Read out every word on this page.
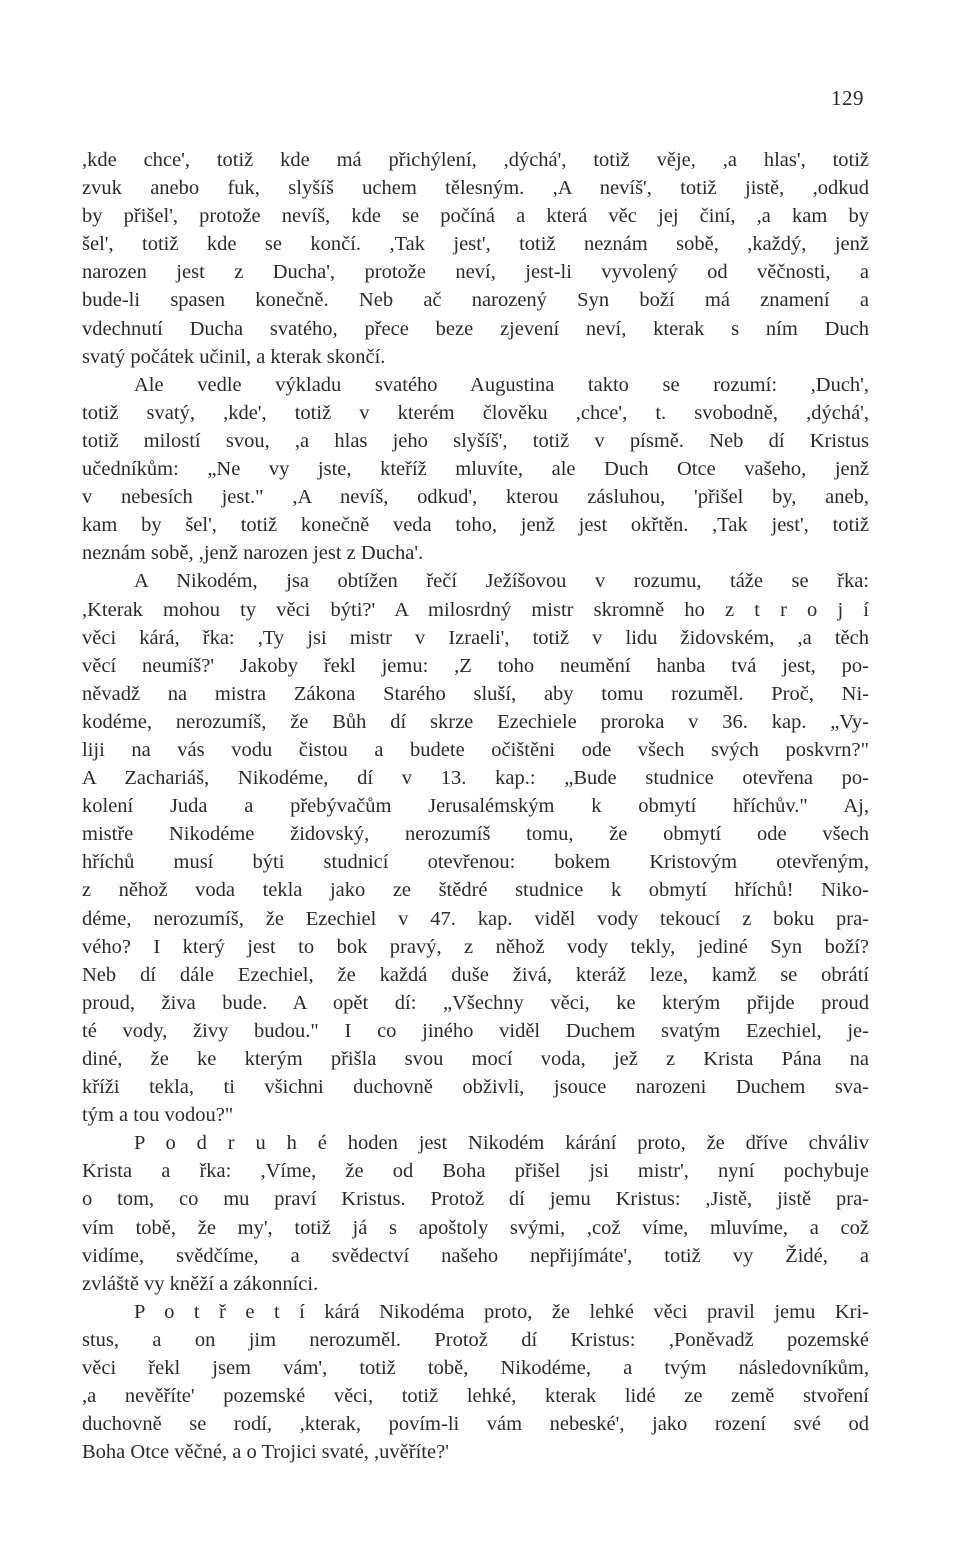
129
,kde chce', totiž kde má přichýlení, ,dýchá', totiž věje, ,a hlas', totiž
zvuk anebo fuk, slyšíš uchem tělesným. ,A nevíš', totiž jistě, ,odkud
by přišel', protože nevíš, kde se počíná a která věc jej činí, ,a kam by
šel', totiž kde se končí. ,Tak jest', totiž neznám sobě, ,každý, jenž
narozen jest z Ducha', protože neví, jest-li vyvolený od věčnosti, a
bude-li spasen konečně. Neb ač narozený Syn boží má znamení a
vdechnutí Ducha svatého, přece beze zjevení neví, kterak s ním Duch
svatý počátek učinil, a kterak skončí.
Ale vedle výkladu svatého Augustina takto se rozumí: ,Duch',
totiž svatý, ,kde', totiž v kterém člověku ,chce', t. svobodně, ,dýchá',
totiž milostí svou, ,a hlas jeho slyšíš', totiž v písmě. Neb dí Kristus
učedníkům: „Ne vy jste, kteříž mluvíte, ale Duch Otce vašeho, jenž
v nebesích jest." ,A nevíš, odkud', kterou zásluhou, 'přišel by, aneb,
kam by šel', totiž konečně veda toho, jenž jest okřtěn. ,Tak jest', totiž
neznám sobě, ,jenž narozen jest z Ducha'.
A Nikodém, jsa obtížen řečí Ježíšovou v rozumu, táže se řka:
,Kterak mohou ty věci býti?' A milosrdný mistr skromně ho z t r o j í
věci kárá, řka: ,Ty jsi mistr v Izraeli', totiž v lidu židovském, ,a těch
věcí neumíš?' Jakoby řekl jemu: ,Z toho neumění hanba tvá jest, po-
něvadž na mistra Zákona Starého sluší, aby tomu rozuměl. Proč, Ni-
kodéme, nerozumíš, že Bůh dí skrze Ezechiele proroka v 36. kap. „Vy-
liji na vás vodu čistou a budete očištěni ode všech svých poskvrn?"
A Zachariáš, Nikodéme, dí v 13. kap.: „Bude studnice otevřena po-
kolení Juda a přebývačům Jerusalémským k obmytí hříchův." Aj,
mistře Nikodéme židovský, nerozumíš tomu, že obmytí ode všech
hříchů musí býti studnicí otevřenou: bokem Kristovým otevřeným,
z něhož voda tekla jako ze štědré studnice k obmytí hříchů! Niko-
déme, nerozumíš, že Ezechiel v 47. kap. viděl vody tekoucí z boku pra-
vého? I který jest to bok pravý, z něhož vody tekly, jediné Syn boží?
Neb dí dále Ezechiel, že každá duše živá, kteráž leze, kamž se obrátí
proud, živa bude. A opět dí: „Všechny věci, ke kterým přijde proud
té vody, živy budou." I co jiného viděl Duchem svatým Ezechiel, je-
diné, že ke kterým přišla svou mocí voda, jež z Krista Pána na
kříži tekla, ti všichni duchovně obživli, jsouce narozeni Duchem sva-
tým a tou vodou?"
P o d r u h é hoden jest Nikodém kárání proto, že dříve chváliv
Krista a řka: ,Víme, že od Boha přišel jsi mistr', nyní pochybuje
o tom, co mu praví Kristus. Protož dí jemu Kristus: ,Jistě, jistě pra-
vím tobě, že my', totiž já s apoštoly svými, ,což víme, mluvíme, a což
vidíme, svědčíme, a svědectví našeho nepřijímáte', totiž vy Židé, a
zvláště vy kněží a zákonníci.
P o t ř e t í kárá Nikodéma proto, že lehké věci pravil jemu Kri-
stus, a on jim nerozuměl. Protož dí Kristus: ,Poněvadž pozemské
věci řekl jsem vám', totiž tobě, Nikodéme, a tvým následovníkům,
,a nevěříte' pozemské věci, totiž lehké, kterak lidé ze země stvoření
duchovně se rodí, ,kterak, povím-li vám nebeské', jako rození své od
Boha Otce věčné, a o Trojici svaté, ,uvěříte?'
